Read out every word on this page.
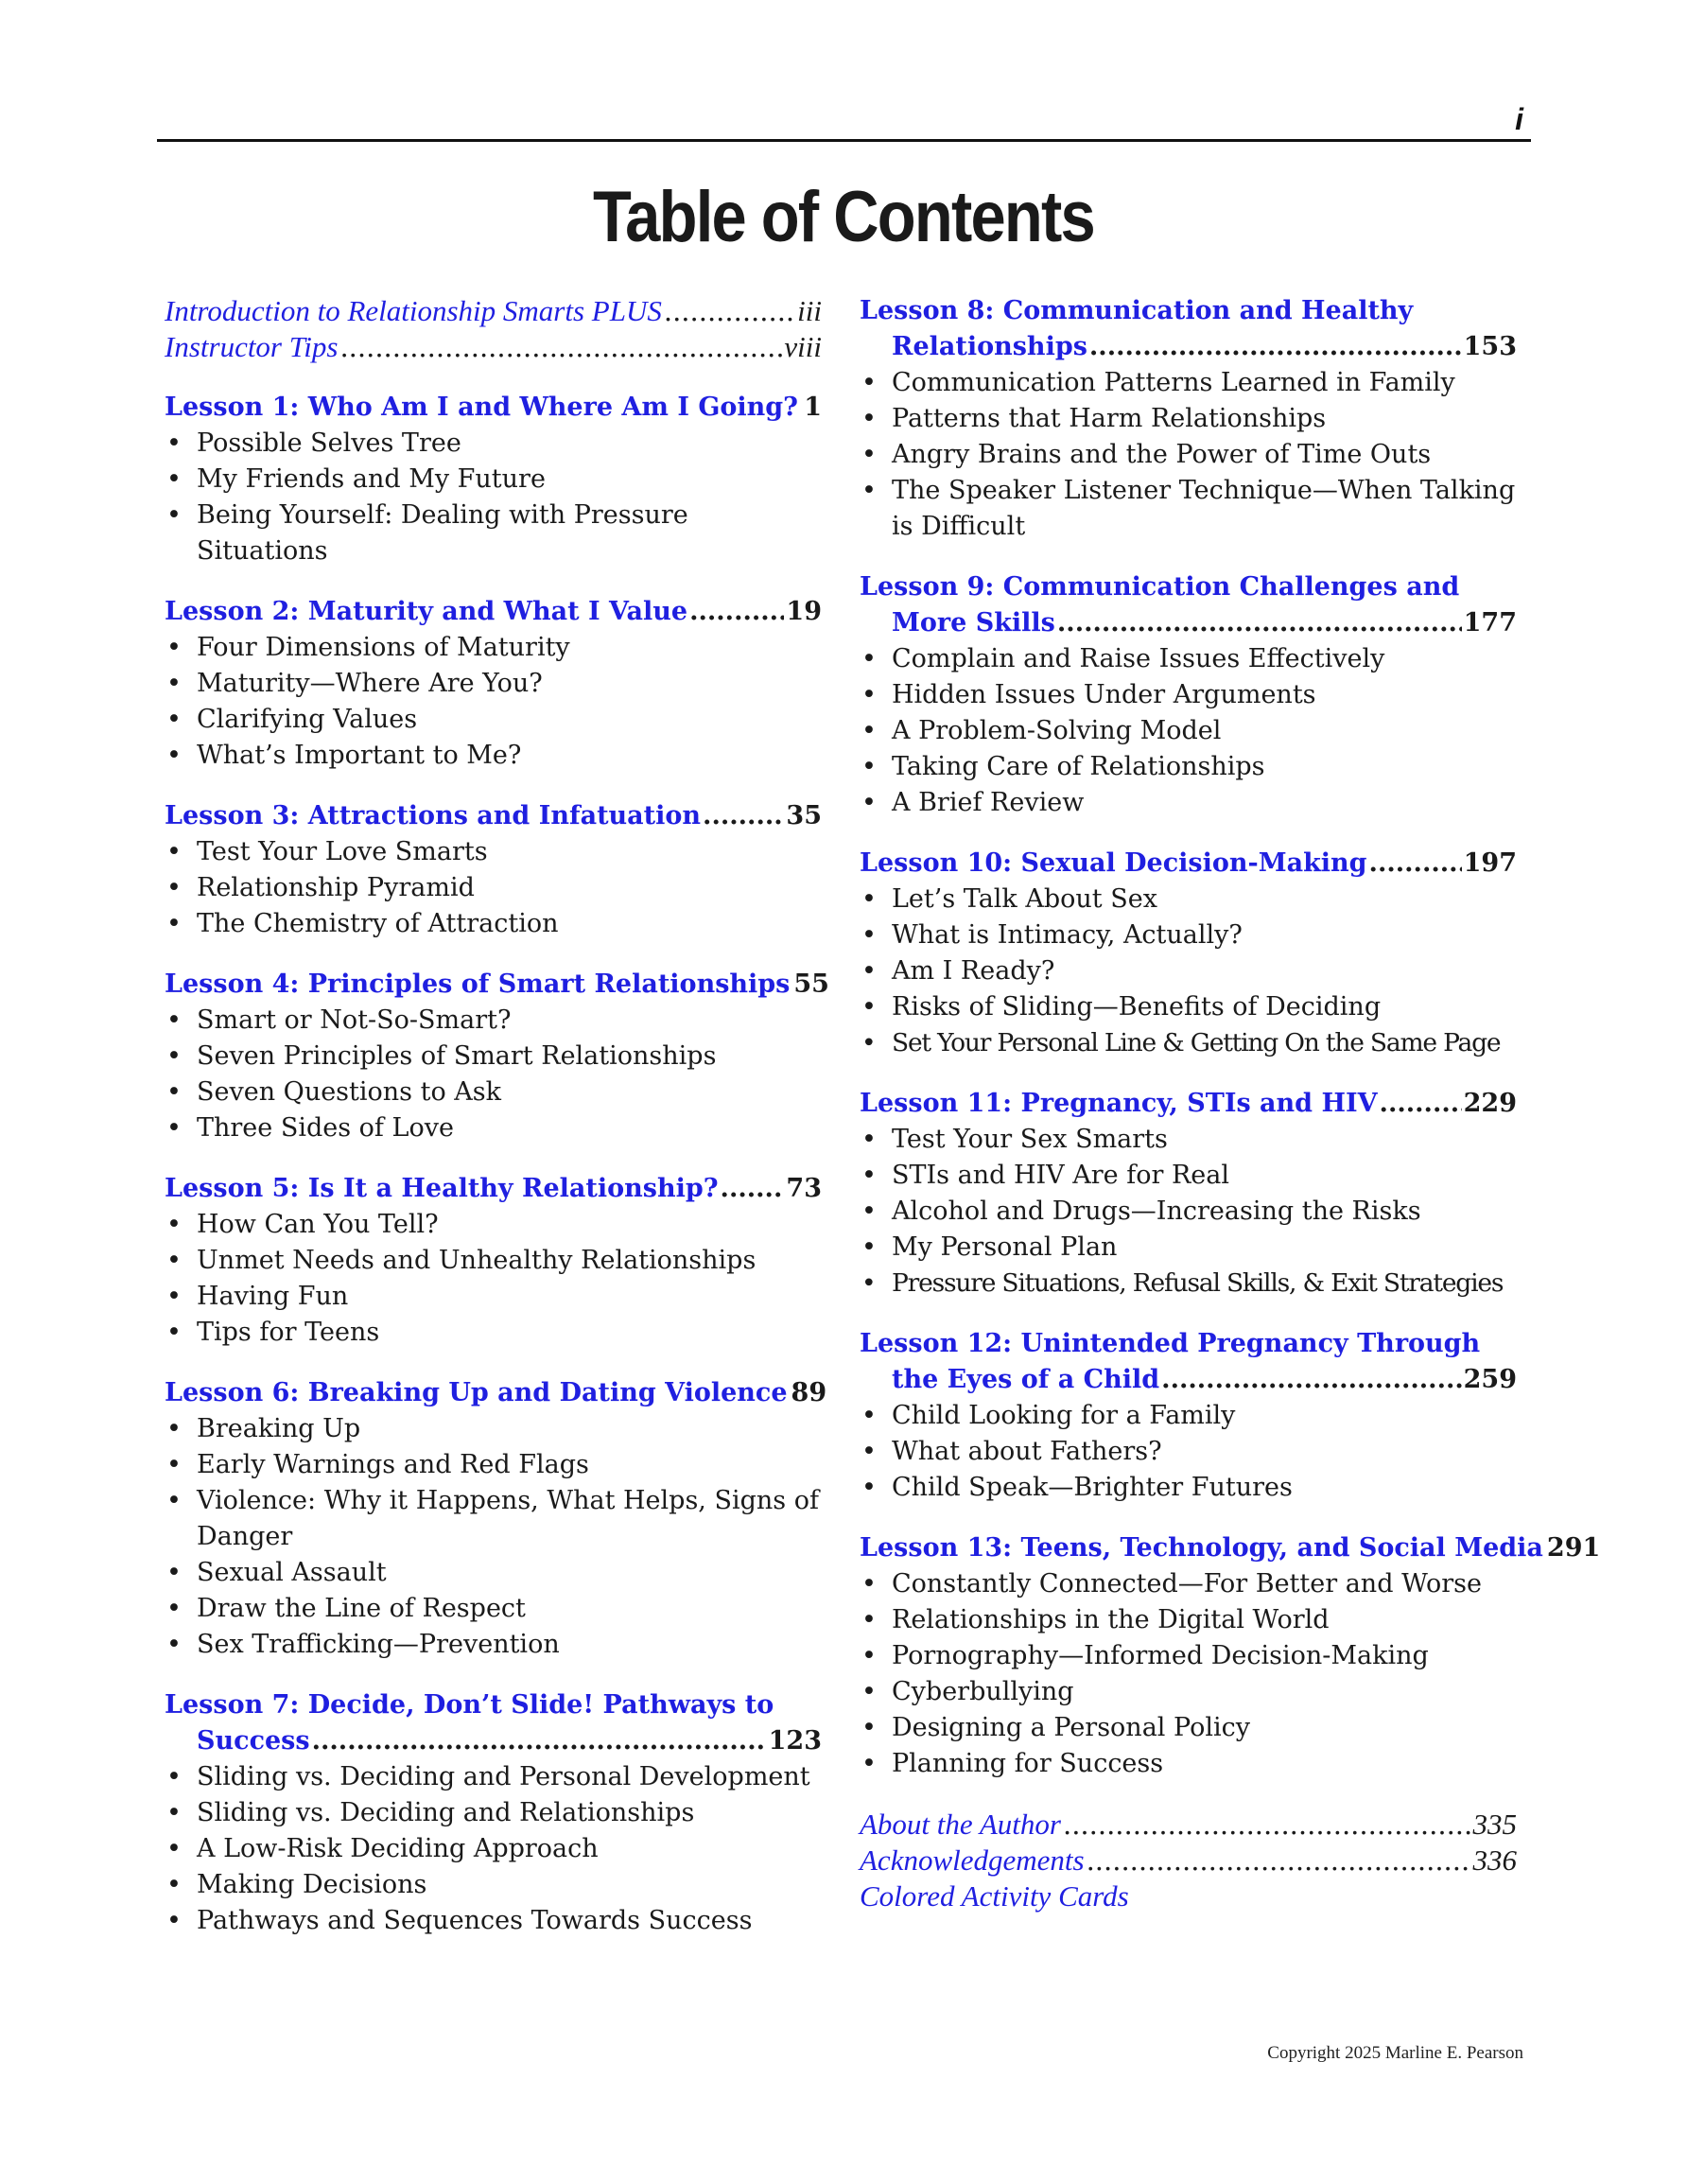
i
Table of Contents
Introduction to Relationship Smarts PLUS .....	iii
Instructor Tips .....	viii
Lesson 1: Who Am I and Where Am I Going? ..... 1
• Possible Selves Tree
• My Friends and My Future
• Being Yourself: Dealing with Pressure Situations
Lesson 2: Maturity and What I Value .....	19
• Four Dimensions of Maturity
• Maturity—Where Are You?
• Clarifying Values
• What’s Important to Me?
Lesson 3: Attractions and Infatuation .....	35
• Test Your Love Smarts
• Relationship Pyramid
• The Chemistry of Attraction
Lesson 4: Principles of Smart Relationships 55
• Smart or Not-So-Smart?
• Seven Principles of Smart Relationships
• Seven Questions to Ask
• Three Sides of Love
Lesson 5: Is It a Healthy Relationship? .....	73
• How Can You Tell?
• Unmet Needs and Unhealthy Relationships
• Having Fun
• Tips for Teens
Lesson 6: Breaking Up and Dating Violence 89
• Breaking Up
• Early Warnings and Red Flags
• Violence: Why it Happens, What Helps, Signs of Danger
• Sexual Assault
• Draw the Line of Respect
• Sex Trafficking—Prevention
Lesson 7: Decide, Don’t Slide! Pathways to
Success .....	123
• Sliding vs. Deciding and Personal Development
• Sliding vs. Deciding and Relationships
• A Low-Risk Deciding Approach
• Making Decisions
• Pathways and Sequences Towards Success
Lesson 8: Communication and Healthy
Relationships .....	153
• Communication Patterns Learned in Family
• Patterns that Harm Relationships
• Angry Brains and the Power of Time Outs
• The Speaker Listener Technique—When Talking is Difficult
Lesson 9: Communication Challenges and
More Skills .....	177
• Complain and Raise Issues Effectively
• Hidden Issues Under Arguments
• A Problem-Solving Model
• Taking Care of Relationships
• A Brief Review
Lesson 10: Sexual Decision-Making .....	197
• Let’s Talk About Sex
• What is Intimacy, Actually?
• Am I Ready?
• Risks of Sliding—Benefits of Deciding
• Set Your Personal Line & Getting On the Same Page
Lesson 11: Pregnancy, STIs and HIV .....	229
• Test Your Sex Smarts
• STIs and HIV Are for Real
• Alcohol and Drugs—Increasing the Risks
• My Personal Plan
• Pressure Situations, Refusal Skills, & Exit Strategies
Lesson 12: Unintended Pregnancy Through
the Eyes of a Child .....	259
• Child Looking for a Family
• What about Fathers?
• Child Speak—Brighter Futures
Lesson 13: Teens, Technology, and Social Media 291
• Constantly Connected—For Better and Worse
• Relationships in the Digital World
• Pornography—Informed Decision-Making
• Cyberbullying
• Designing a Personal Policy
• Planning for Success
About the Author .....	335
Acknowledgements .....	336
Colored Activity Cards
Copyright 2025 Marline E. Pearson
